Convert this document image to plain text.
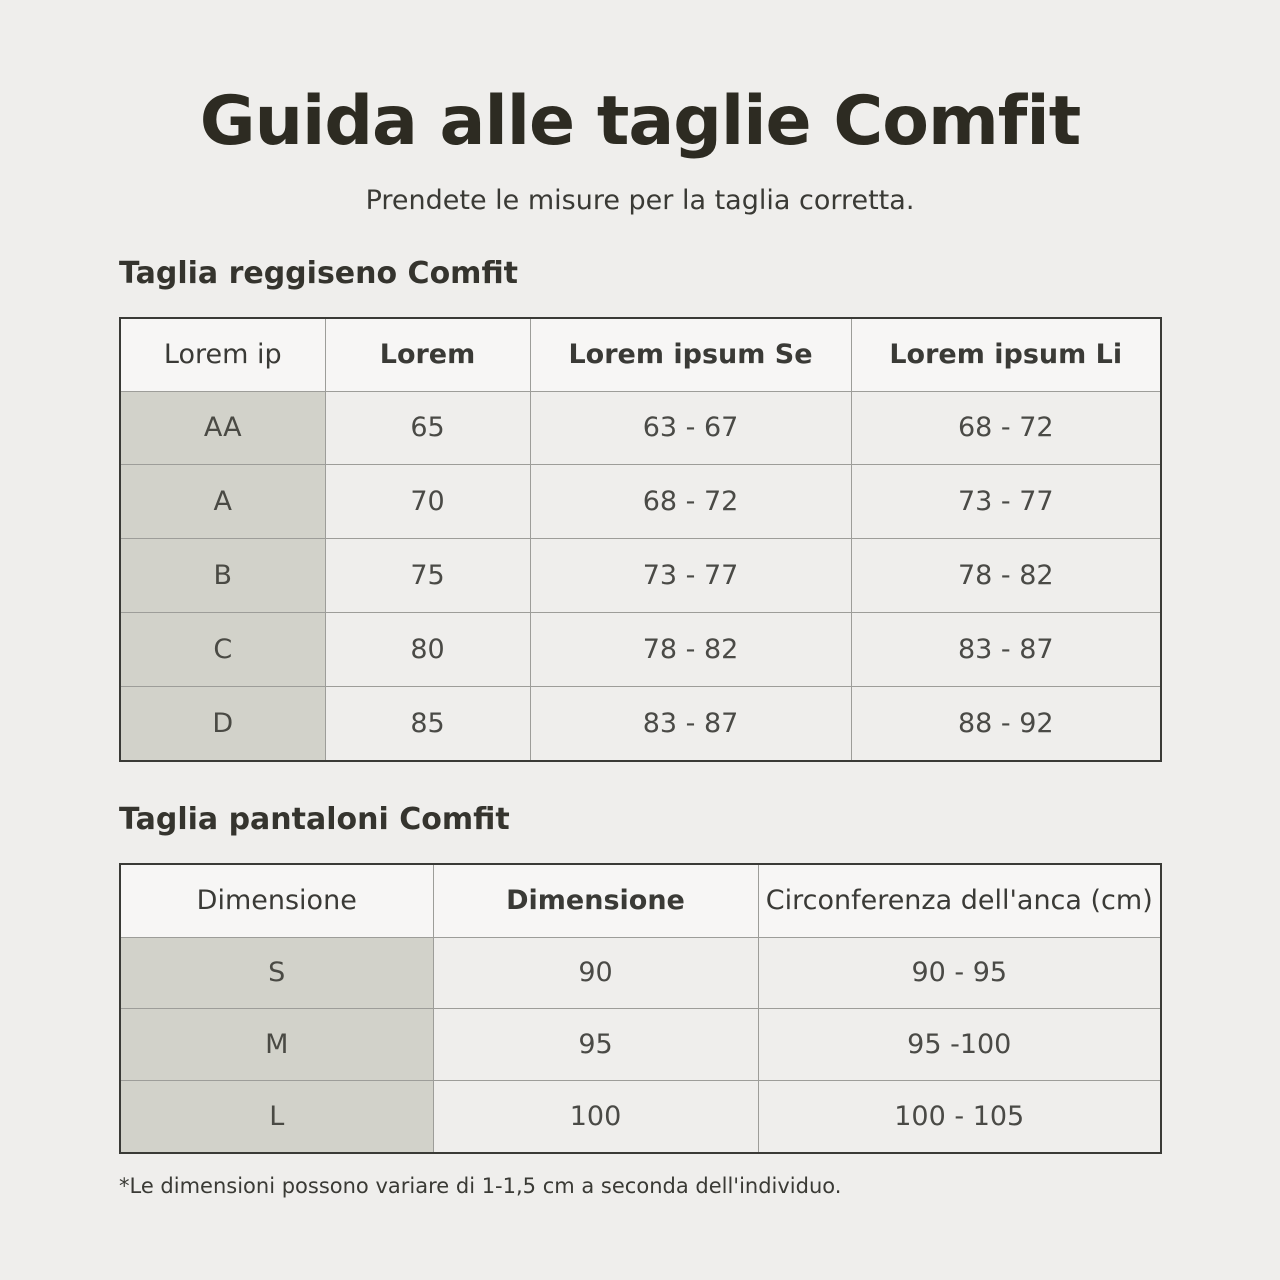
Guida alle taglie Comfit

Prendete le misure per la taglia corretta.

Taglia reggiseno Comfit
Lorem ip	Lorem	Lorem ipsum Se	Lorem ipsum Li
AA	65	63 - 67	68 - 72
A	70	68 - 72	73 - 77
B	75	73 - 77	78 - 82
C	80	78 - 82	83 - 87
D	85	83 - 87	88 - 92
Taglia pantaloni Comfit
Dimensione	Dimensione	Circonferenza dell'anca (cm)
S	90	90 - 95
M	95	95 -100
L	100	100 - 105

*Le dimensioni possono variare di 1-1,5 cm a seconda dell'individuo.
